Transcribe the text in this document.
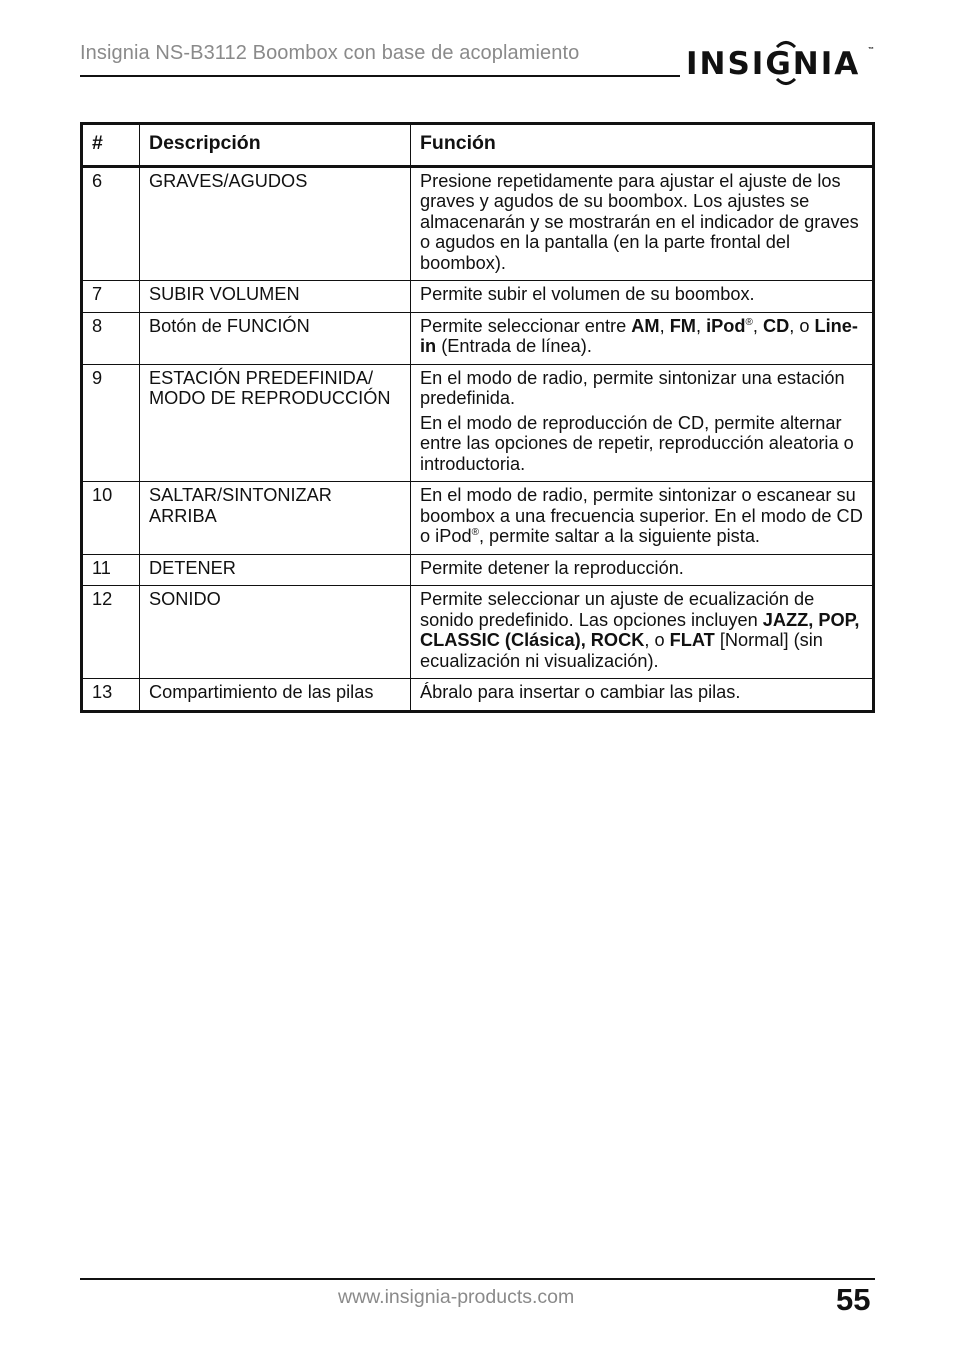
Insignia NS-B3112 Boombox con base de acoplamiento	INSIGNIA ™
#	Descripción	Función
6	GRAVES/AGUDOS	Presione repetidamente para ajustar el ajuste de los graves y agudos de su boombox. Los ajustes se almacenarán y se mostrarán en el indicador de graves o agudos en la pantalla (en la parte frontal del boombox).

7	SUBIR VOLUMEN	Permite subir el volumen de su boombox.

8	Botón de FUNCIÓN	Permite seleccionar entre AM, FM, iPod®, CD, o Line-in (Entrada de línea).

9	ESTACIÓN PREDEFINIDA/ MODO DE REPRODUCCIÓN	En el modo de radio, permite sintonizar una estación predefinida.
En el modo de reproducción de CD, permite alternar entre las opciones de repetir, reproducción aleatoria o introductoria.

10	SALTAR/SINTONIZAR ARRIBA	En el modo de radio, permite sintonizar o escanear su boombox a una frecuencia superior. En el modo de CD o iPod®, permite saltar a la siguiente pista.

11	DETENER	Permite detener la reproducción.

12	SONIDO	Permite seleccionar un ajuste de ecualización de sonido predefinido. Las opciones incluyen JAZZ, POP, CLASSIC (Clásica), ROCK, o FLAT [Normal] (sin ecualización ni visualización).

13	Compartimiento de las pilas	Ábralo para insertar o cambiar las pilas.
www.insignia-products.com	55
